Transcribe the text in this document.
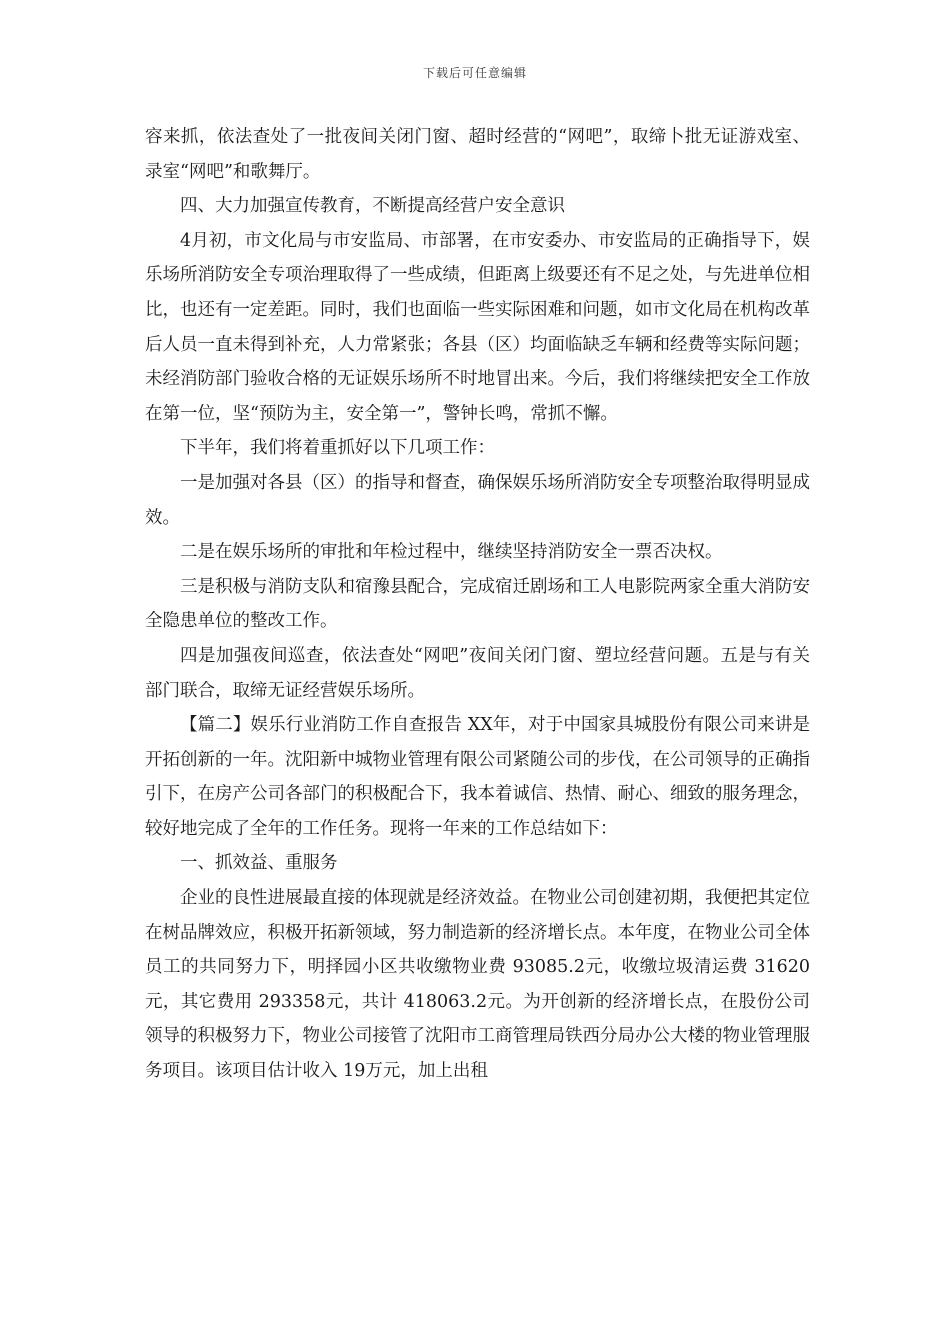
下载后可任意编辑

容来抓，依法查处了一批夜间关闭门窗、超时经营的“网吧”，取缔卜批无证游戏室、录室“网吧”和歌舞厅。

四、大力加强宣传教育，不断提高经营户安全意识

4月初，市文化局与市安监局、市部署，在市安委办、市安监局的正确指导下，娱乐场所消防安全专项治理取得了一些成绩，但距离上级要还有不足之处，与先进单位相比，也还有一定差距。同时，我们也面临一些实际困难和问题，如市文化局在机构改革后人员一直未得到补充，人力常紧张；各县（区）均面临缺乏车辆和经费等实际问题；未经消防部门验收合格的无证娱乐场所不时地冒出来。今后，我们将继续把安全工作放在第一位，坚“预防为主，安全第一”，警钟长鸣，常抓不懈。

下半年，我们将着重抓好以下几项工作：

一是加强对各县（区）的指导和督查，确保娱乐场所消防安全专项整治取得明显成效。

二是在娱乐场所的审批和年检过程中，继续坚持消防安全一票否决权。

三是积极与消防支队和宿豫县配合，完成宿迁剧场和工人电影院两家全重大消防安全隐患单位的整改工作。

四是加强夜间巡查，依法查处“网吧”夜间关闭门窗、塑垃经营问题。五是与有关部门联合，取缔无证经营娱乐场所。

【篇二】娱乐行业消防工作自查报告 XX年，对于中国家具城股份有限公司来讲是开拓创新的一年。沈阳新中城物业管理有限公司紧随公司的步伐，在公司领导的正确指引下，在房产公司各部门的积极配合下，我本着诚信、热情、耐心、细致的服务理念，较好地完成了全年的工作任务。现将一年来的工作总结如下：

一、抓效益、重服务

企业的良性进展最直接的体现就是经济效益。在物业公司创建初期，我便把其定位在树品牌效应，积极开拓新领域，努力制造新的经济增长点。本年度，在物业公司全体员工的共同努力下，明择园小区共收缴物业费 93085.2元，收缴垃圾清运费 31620元，其它费用 293358元，共计 418063.2元。为开创新的经济增长点，在股份公司领导的积极努力下，物业公司接管了沈阳市工商管理局铁西分局办公大楼的物业管理服务项目。该项目估计收入 19万元，加上出租
